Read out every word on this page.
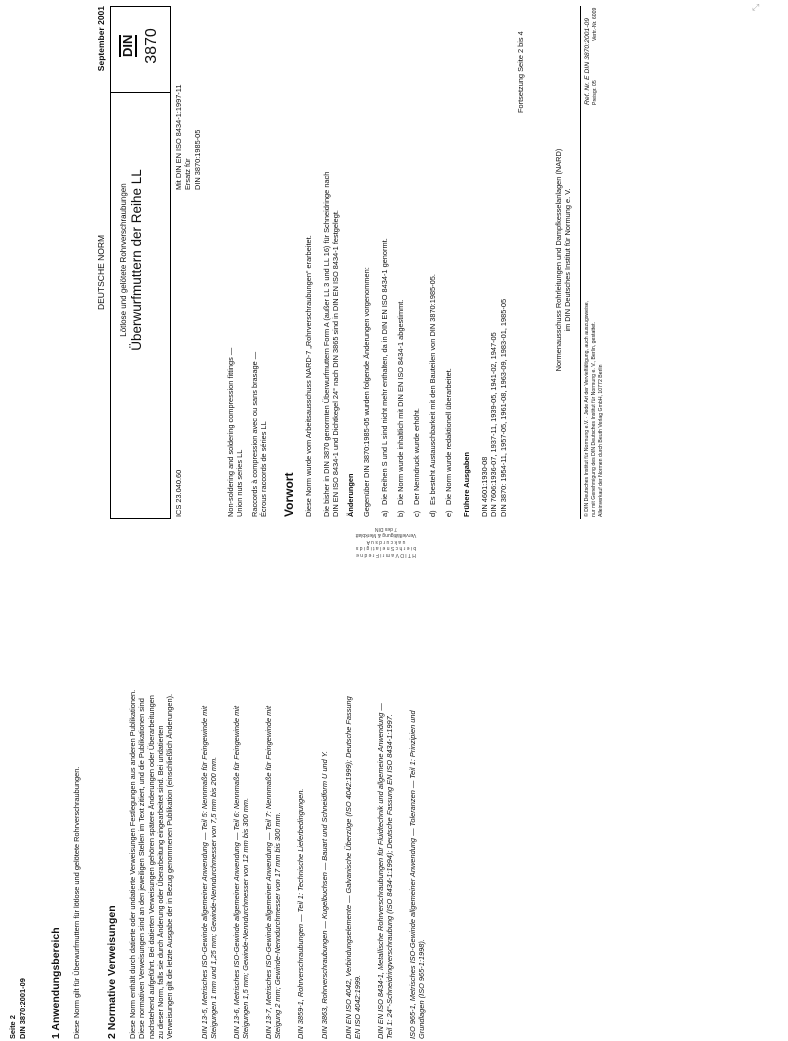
DEUTSCHE NORM
September 2001
Lötlose und gelötete Rohrverschraubungen Überwurfmuttern der Reihe LL
DIN 3870
ICS 23.040.60
Mit DIN EN ISO 8434-1:1997-11 Ersatz für DIN 3870:1985-05
Non-soldering and soldering compression fittings — Union nuts series LL Raccords à compression avec ou sans brasage — Écrous raccords de séries LL Vorwort Diese Norm wurde vom Arbeitsausschuss NARD-7 „Rohrverschraubungen“ erarbeitet. Die bisher in DIN 3870 genormten Überwurfmuttern Form A (außer LL 3 und LL 16) für Schneidringe nach DIN EN ISO 8434-1 und Dichtkegel 24° nach DIN 3865 sind in DIN EN ISO 8434-1 festgelegt. Änderungen Gegenüber DIN 3870:1985-05 wurden folgende Änderungen vorgenommen: a)Die Reihen S und L sind nicht mehr enthalten, da in DIN EN ISO 8434-1 genormt.
b)Die Norm wurde inhaltlich mit DIN EN ISO 8434-1 abgestimmt.
c)Der Nenndruck wurde erhöht.
d)Es besteht Austauschbarkeit mit den Bauteilen von DIN 3870:1985-05.
e)Die Norm wurde redaktionell überarbeitet. Frühere Ausgaben DIN 4601:1930-08 DIN 7606:1936-07, 1937-11, 1939-05, 1941-02, 1947-05 DIN 3870: 1954-11, 1957-05, 1961-08, 1963-09, 1983-01, 1985-05
Fortsetzung Seite 2 bis 4
Normenausschuss Rohrleitungen und Dampfkesselanlagen (NARD) im DIN Deutsches Institut für Normung e. V.
© DIN Deutsches Institut für Normung e.V. · Jede Art der Vervielfältigung, auch auszugsweise, nur mit Genehmigung des DIN Deutsches Institut für Normung e. V., Berlin, gestattet. Alleinverkauf der Normen durch Beuth Verlag GmbH, 10772 Berlin
Ref. Nr. E DIN 3870:2001-09 Preisgr. 05
Vertr.-Nr. 6009
H T I D V a m r i F r e d n e b i e r h c S n e l a t i g i d s u a k c u r d s u A
Vervielfältigung & Merkblatt 7 des DIN
⤢
Seite 2 DIN 3870:2001-09 1 Anwendungsbereich Diese Norm gilt für Überwurfmuttern für lötlose und gelötete Rohrverschraubungen. 2 Normative Verweisungen Diese Norm enthält durch datierte oder undatierte Verweisungen Festlegungen aus anderen Publikationen. Diese normativen Verweisungen sind an den jeweiligen Stellen im Text zitiert, und die Publikationen sind nachstehend aufgeführt. Bei datierten Verweisungen gehören spätere Änderungen oder Überarbeitungen zu dieser Norm, falls sie durch Änderung oder Überarbeitung eingearbeitet sind. Bei undatierten Verweisungen gilt die letzte Ausgabe der in Bezug genommenen Publikation (einschließlich Änderungen).	DIN 13-5, Metrisches ISO-Gewinde allgemeiner Anwendung — Teil 5: Nennmaße für Feingewinde mit Steigungen 1 mm und 1,25 mm; Gewinde-Nenndurchmesser von 7,5 mm bis 200 mm. DIN 13-6, Metrisches ISO-Gewinde allgemeiner Anwendung — Teil 6: Nennmaße für Feingewinde mit Steigungen 1,5 mm; Gewinde-Nenndurchmesser von 12 mm bis 300 mm. DIN 13-7, Metrisches ISO-Gewinde allgemeiner Anwendung — Teil 7: Nennmaße für Feingewinde mit Steigung 2 mm; Gewinde-Nenndurchmesser von 17 mm bis 300 mm. DIN 3859-1, Rohrverschraubungen — Teil 1: Technische Lieferbedingungen. DIN 3863, Rohrverschraubungen — Kugelbuchsen — Bauart und Schneidform U und Y. DIN EN ISO 4042, Verbindungselemente — Galvanische Überzüge (ISO 4042:1999); Deutsche Fassung EN ISO 4042:1999. DIN EN ISO 8434-1, Metallische Rohrverschraubungen für Fluidtechnik und allgemeine Anwendung — Teil 1: 24°-Schneidringverschraubung (ISO 8434-1:1994); Deutsche Fassung EN ISO 8434-1:1997. ISO 965-1, Metrisches ISO-Gewinde allgemeiner Anwendung — Toleranzen — Teil 1: Prinzipien und Grundlagen (ISO 965-1:1998).
